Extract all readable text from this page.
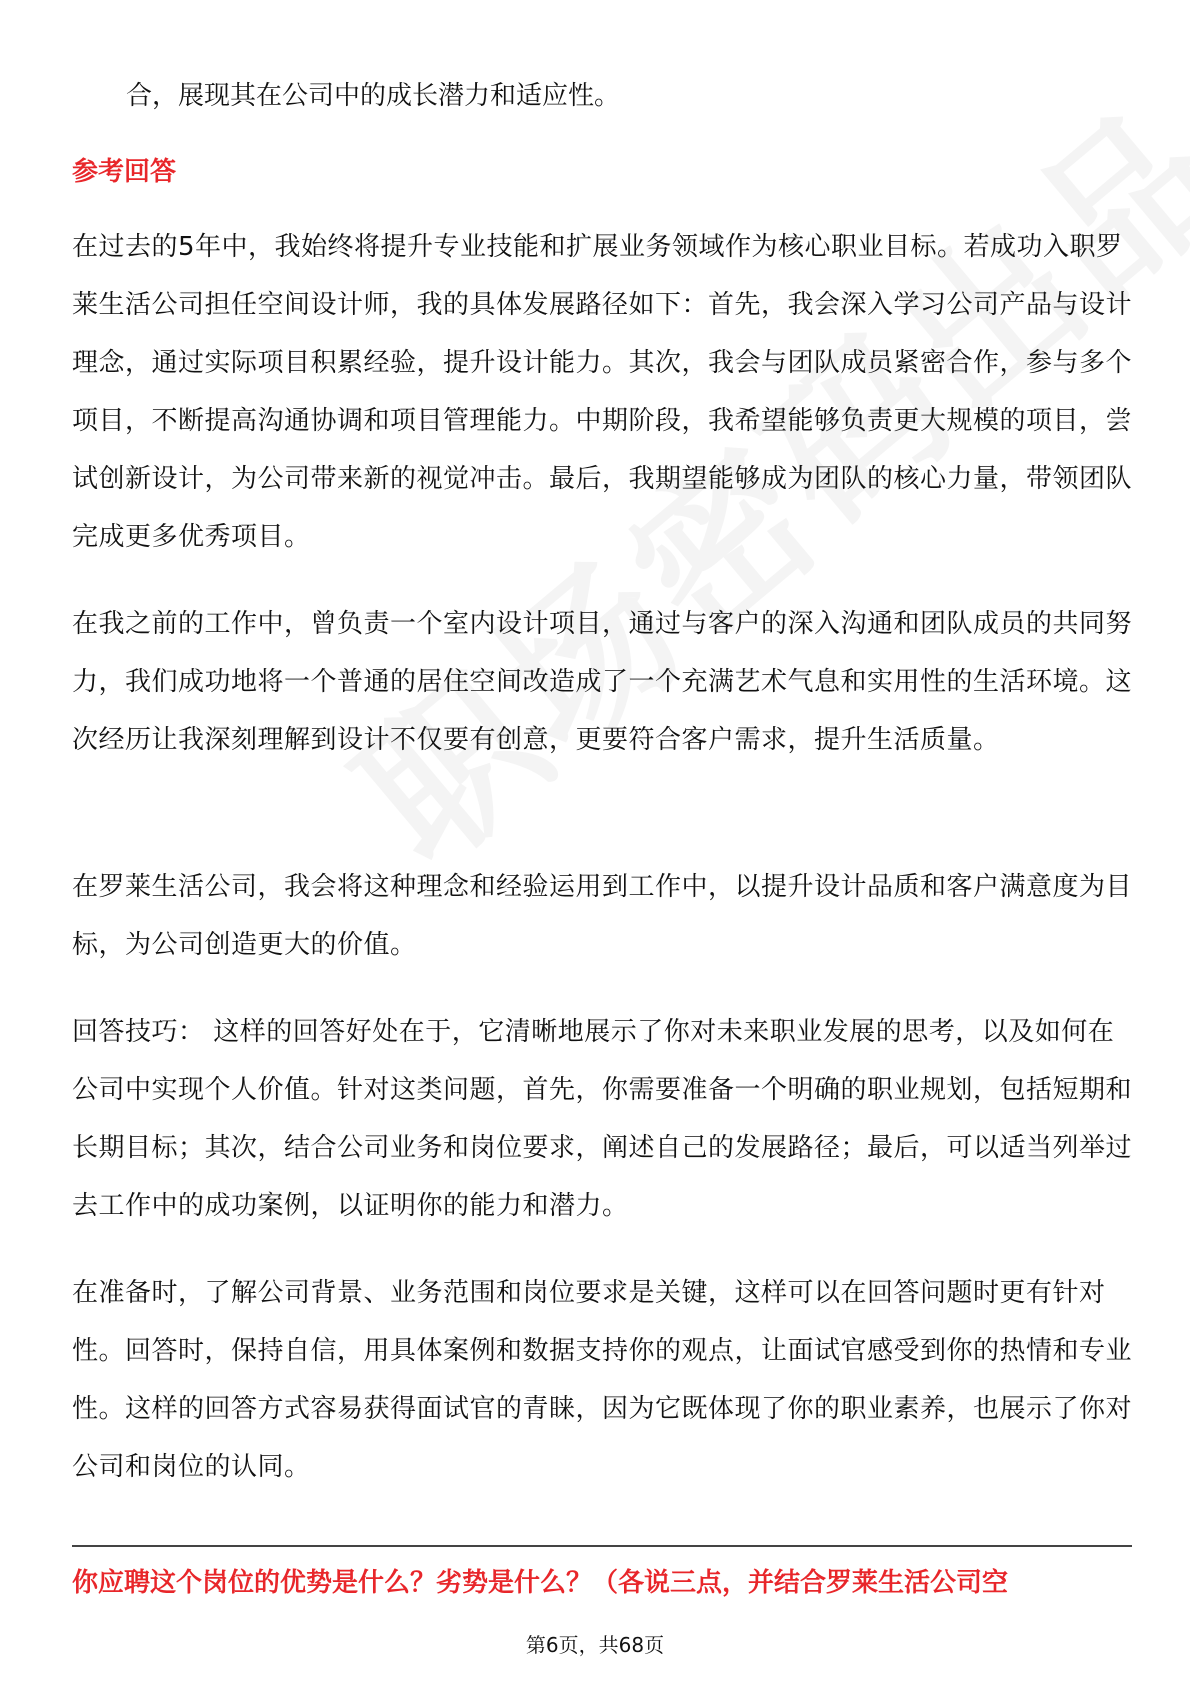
合，展现其在公司中的成长潜力和适应性。
参考回答

在过去的5年中，我始终将提升专业技能和扩展业务领域作为核心职业目标。若成功入职罗莱生活公司担任空间设计师，我的具体发展路径如下：首先，我会深入学习公司产品与设计理念，通过实际项目积累经验，提升设计能力。其次，我会与团队成员紧密合作，参与多个项目，不断提高沟通协调和项目管理能力。中期阶段，我希望能够负责更大规模的项目，尝试创新设计，为公司带来新的视觉冲击。最后，我期望能够成为团队的核心力量，带领团队完成更多优秀项目。

在我之前的工作中，曾负责一个室内设计项目，通过与客户的深入沟通和团队成员的共同努力，我们成功地将一个普通的居住空间改造成了一个充满艺术气息和实用性的生活环境。这次经历让我深刻理解到设计不仅要有创意，更要符合客户需求，提升生活质量。

在罗莱生活公司，我会将这种理念和经验运用到工作中，以提升设计品质和客户满意度为目标，为公司创造更大的价值。

回答技巧： 这样的回答好处在于，它清晰地展示了你对未来职业发展的思考，以及如何在公司中实现个人价值。针对这类问题，首先，你需要准备一个明确的职业规划，包括短期和长期目标；其次，结合公司业务和岗位要求，阐述自己的发展路径；最后，可以适当列举过去工作中的成功案例，以证明你的能力和潜力。

在准备时，了解公司背景、业务范围和岗位要求是关键，这样可以在回答问题时更有针对性。回答时，保持自信，用具体案例和数据支持你的观点，让面试官感受到你的热情和专业性。这样的回答方式容易获得面试官的青睐，因为它既体现了你的职业素养，也展示了你对公司和岗位的认同。

你应聘这个岗位的优势是什么？劣势是什么？（各说三点，并结合罗莱生活公司空
第6页，共68页
